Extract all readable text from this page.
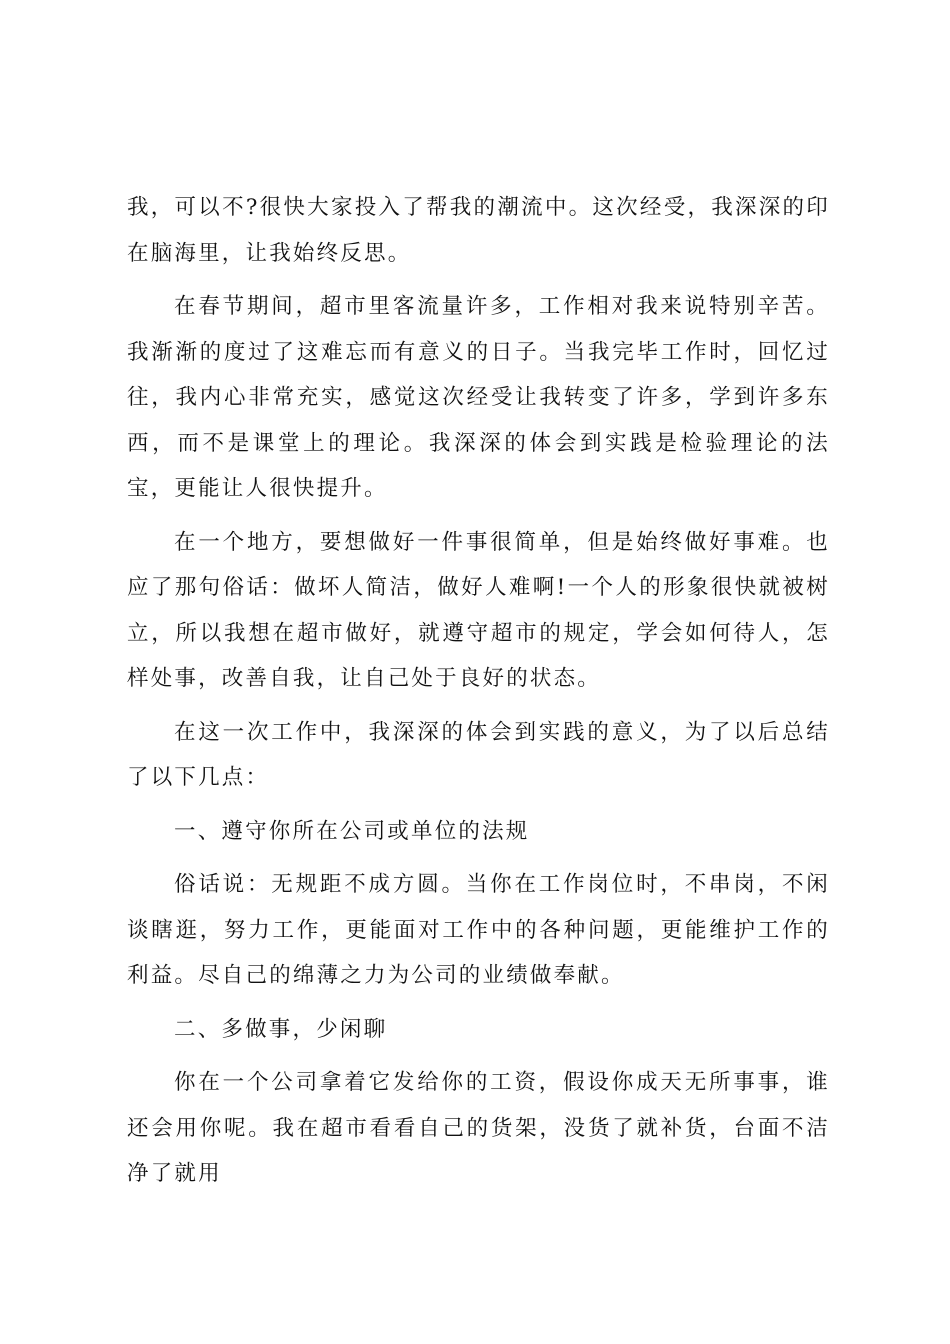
我，可以不?很快大家投入了帮我的潮流中。这次经受，我深深的印在脑海里，让我始终反思。

在春节期间，超市里客流量许多，工作相对我来说特别辛苦。我渐渐的度过了这难忘而有意义的日子。当我完毕工作时，回忆过往，我内心非常充实，感觉这次经受让我转变了许多，学到许多东西，而不是课堂上的理论。我深深的体会到实践是检验理论的法宝，更能让人很快提升。

在一个地方，要想做好一件事很简单，但是始终做好事难。也应了那句俗话：做坏人简洁，做好人难啊!一个人的形象很快就被树立，所以我想在超市做好，就遵守超市的规定，学会如何待人，怎样处事，改善自我，让自己处于良好的状态。

在这一次工作中，我深深的体会到实践的意义，为了以后总结了以下几点：

一、遵守你所在公司或单位的法规

俗话说：无规距不成方圆。当你在工作岗位时，不串岗，不闲谈瞎逛，努力工作，更能面对工作中的各种问题，更能维护工作的利益。尽自己的绵薄之力为公司的业绩做奉献。

二、多做事，少闲聊

你在一个公司拿着它发给你的工资，假设你成天无所事事，谁还会用你呢。我在超市看看自己的货架，没货了就补货，台面不洁净了就用
